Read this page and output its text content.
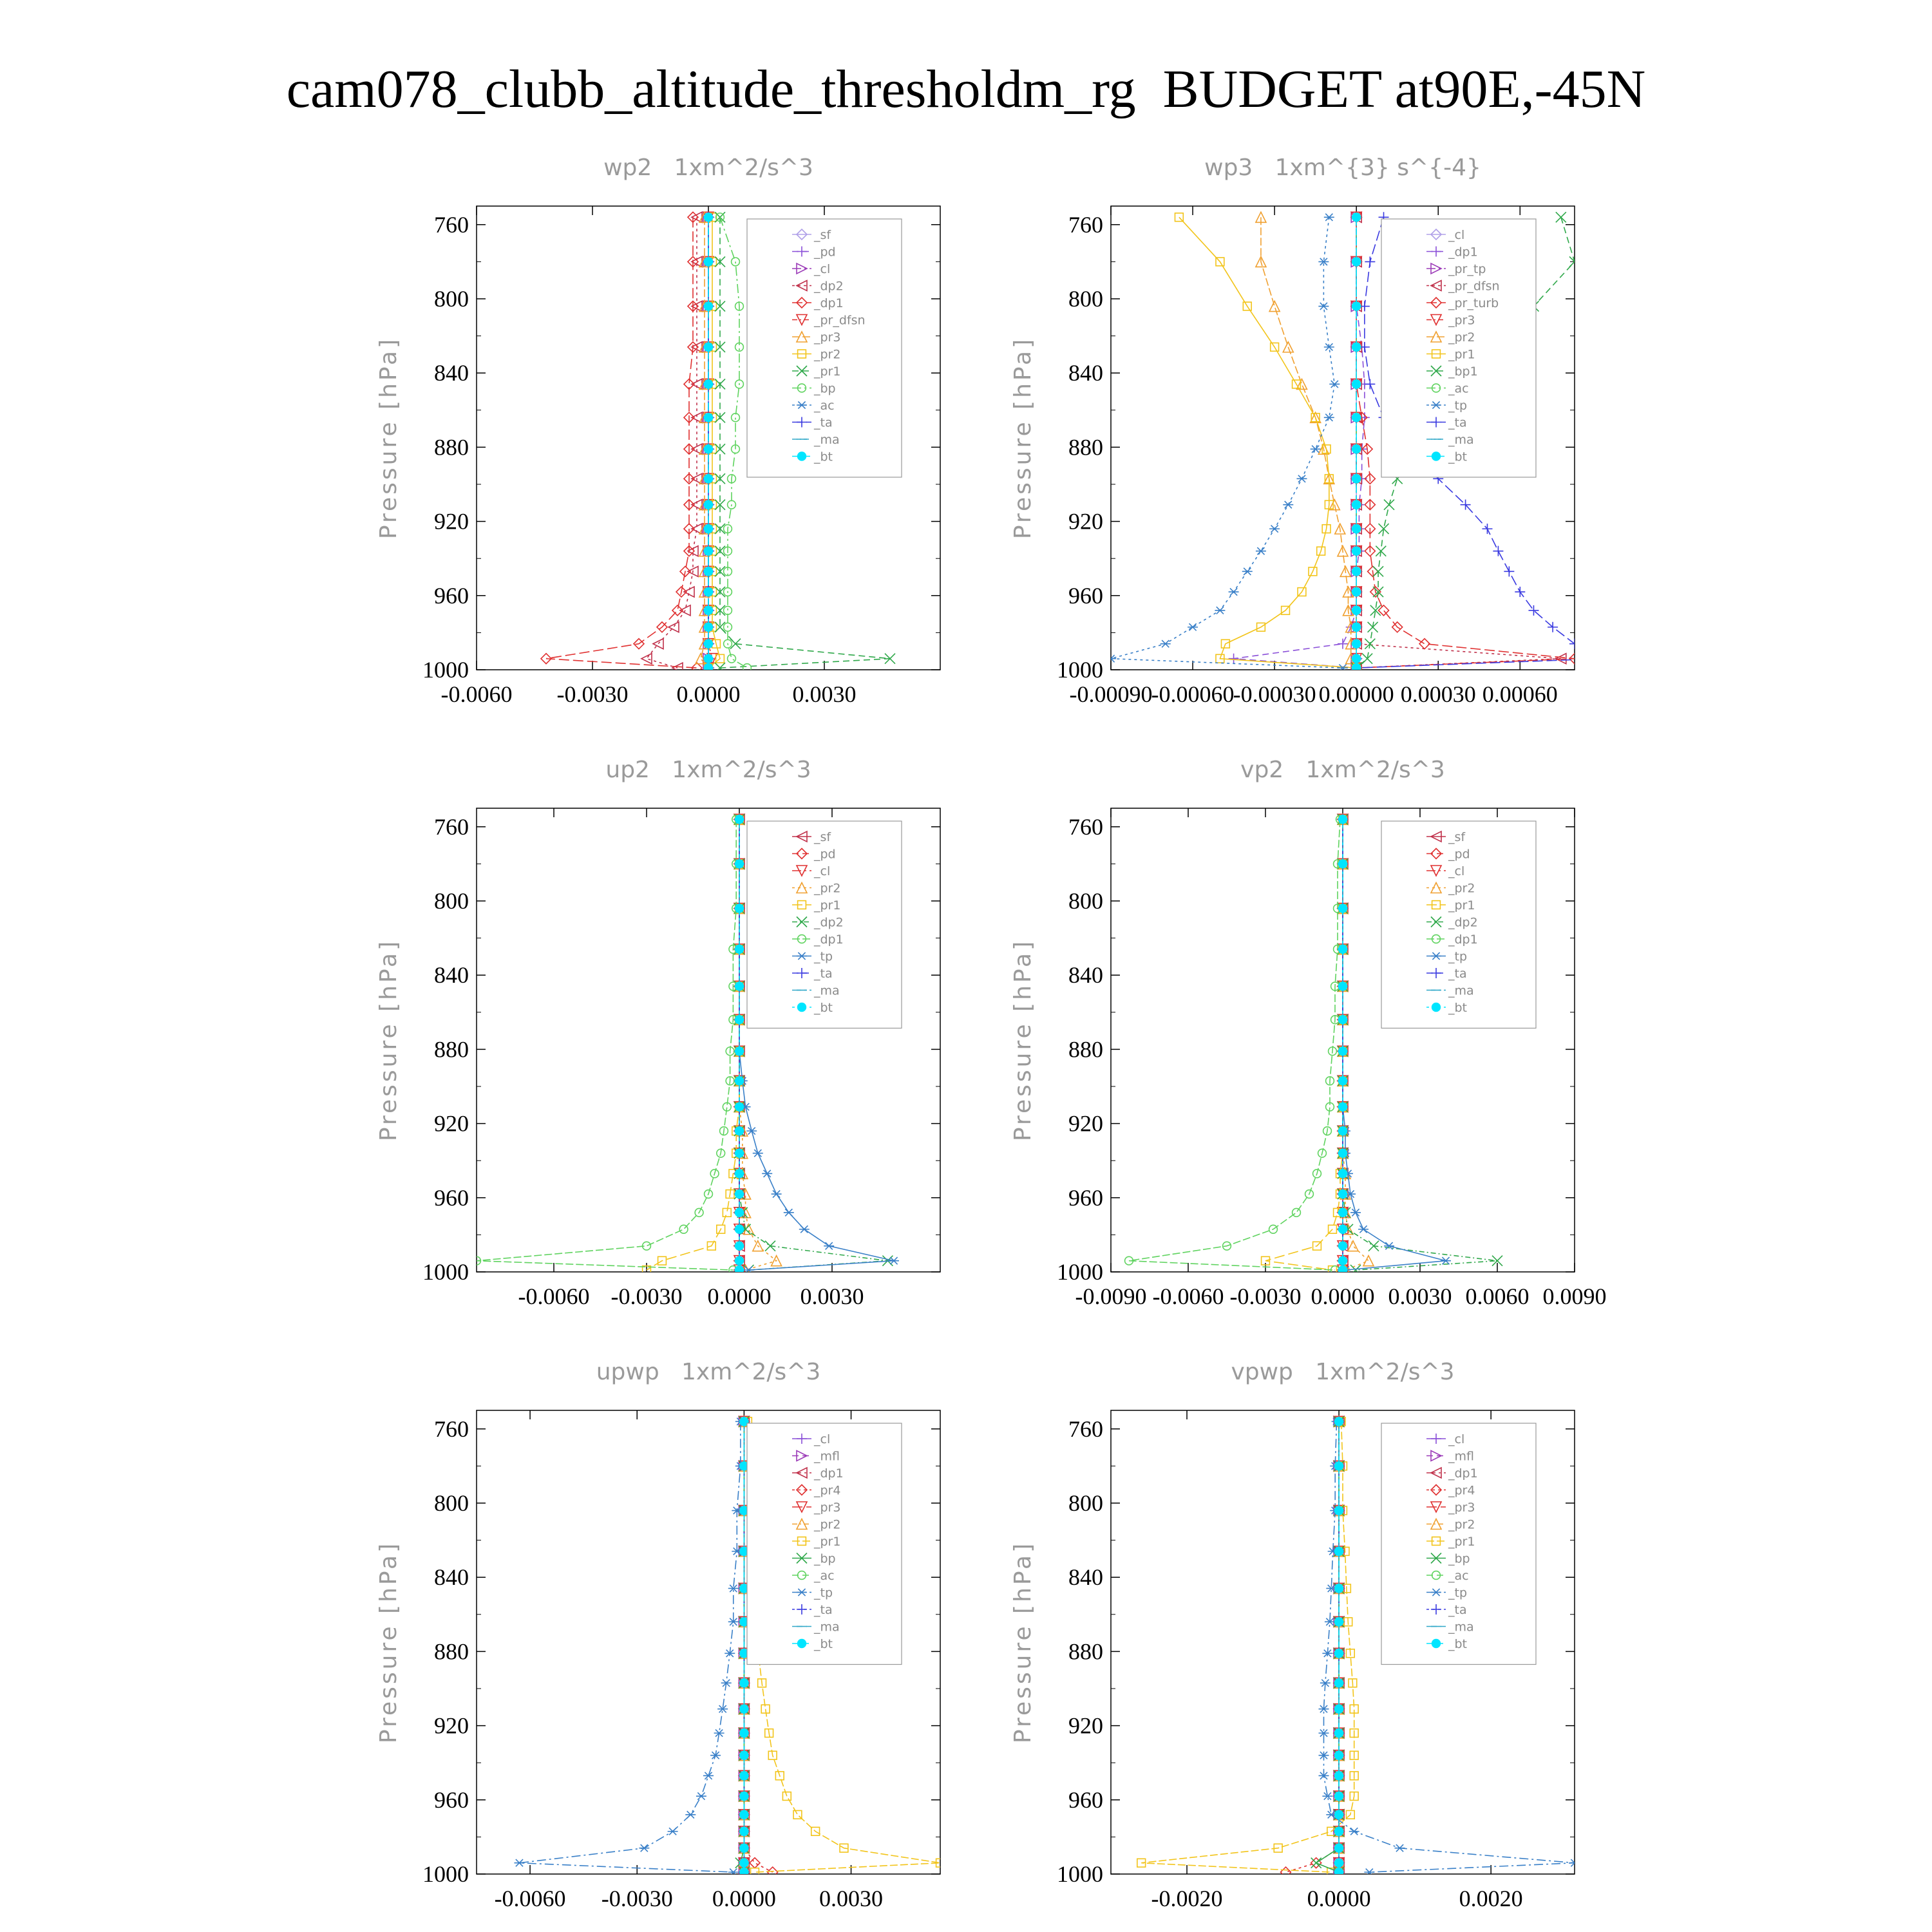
cam078_clubb_altitude_thresholdm_rg  BUDGET at90E,-45N
wp2   1xm^2/s^3
Pressure [hPa]
760
800
840
880
920
960
1000
-0.0060 -0.0030 0.0000 0.0030
_sf
_pd
_cl
_dp2
_dp1
_pr_dfsn
_pr3
_pr2
_pr1
_bp
_ac
_ta
_ma
_bt
wp3   1xm^{3} s^{-4}
Pressure [hPa]
760
800
840
880
920
960
1000
-0.00090
-0.00060
-0.00030 0.00000 0.00030 0.00060
_cl
_dp1
_pr_tp
_pr_dfsn
_pr_turb
_pr3
_pr2
_pr1
_bp1
_ac
_tp
_ta
_ma
_bt
up2   1xm^2/s^3
Pressure [hPa]
760
800
840
880
920
960
1000
-0.0060 -0.0030 0.0000 0.0030
_sf
_pd
_cl
_pr2
_pr1
_dp2
_dp1
_tp
_ta
_ma
_bt
vp2   1xm^2/s^3
Pressure [hPa]
760
800
840
880
920
960
1000
-0.0090 -0.0060 -0.0030 0.0000 0.0030 0.0060 0.0090
_sf
_pd
_cl
_pr2
_pr1
_dp2
_dp1
_tp
_ta
_ma
_bt
upwp   1xm^2/s^3
Pressure [hPa]
760
800
840
880
920
960
1000
-0.0060 -0.0030 0.0000 0.0030
_cl
_mfl
_dp1
_pr4
_pr3
_pr2
_pr1
_bp
_ac
_tp
_ta
_ma
_bt
vpwp   1xm^2/s^3
Pressure [hPa]
760
800
840
880
920
960
1000
-0.0020	0.0000	0.0020
_cl
_mfl
_dp1
_pr4
_pr3
_pr2
_pr1
_bp
_ac
_tp
_ta
_ma
_bt
